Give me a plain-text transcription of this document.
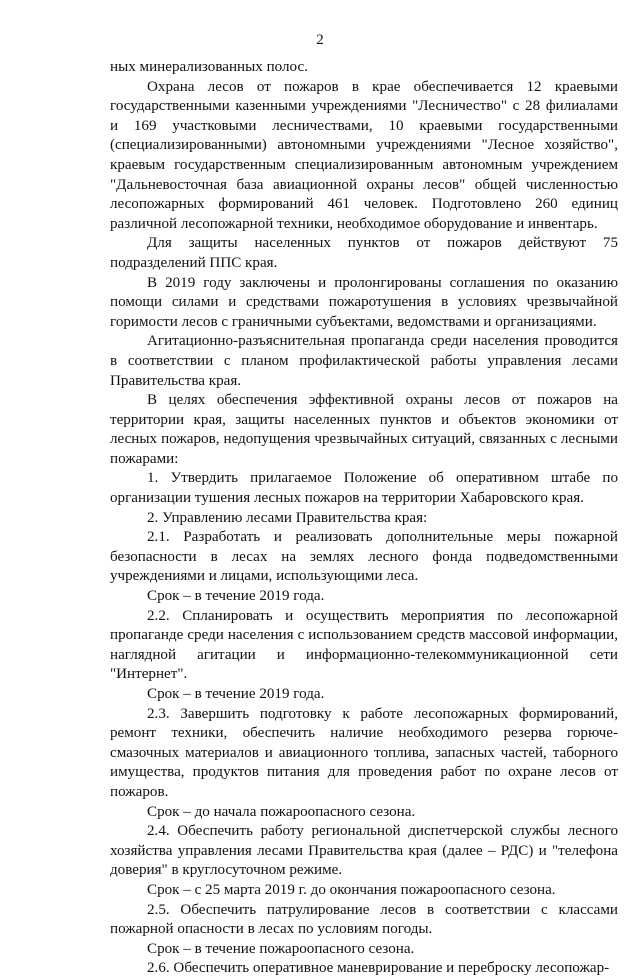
2

ных минерализованных полос.

Охрана лесов от пожаров в крае обеспечивается 12 краевыми государственными казенными учреждениями "Лесничество" с 28 филиалами и 169 участковыми лесничествами, 10 краевыми государственными (специализированными) автономными учреждениями "Лесное хозяйство", краевым государственным специализированным автономным учреждением "Дальневосточная база авиационной охраны лесов" общей численностью лесопожарных формирований 461 человек. Подготовлено 260 единиц различной лесопожарной техники, необходимое оборудование и инвентарь.

Для защиты населенных пунктов от пожаров действуют 75 подразделений ППС края.

В 2019 году заключены и пролонгированы соглашения по оказанию помощи силами и средствами пожаротушения в условиях чрезвычайной горимости лесов с граничными субъектами, ведомствами и организациями.

Агитационно-разъяснительная пропаганда среди населения проводится в соответствии с планом профилактической работы управления лесами Правительства края.

В целях обеспечения эффективной охраны лесов от пожаров на территории края, защиты населенных пунктов и объектов экономики от лесных пожаров, недопущения чрезвычайных ситуаций, связанных с лесными пожарами:

1. Утвердить прилагаемое Положение об оперативном штабе по организации тушения лесных пожаров на территории Хабаровского края.

2. Управлению лесами Правительства края:

2.1. Разработать и реализовать дополнительные меры пожарной безопасности в лесах на землях лесного фонда подведомственными учреждениями и лицами, использующими леса.

Срок – в течение 2019 года.

2.2. Спланировать и осуществить мероприятия по лесопожарной пропаганде среди населения с использованием средств массовой информации, наглядной агитации и информационно-телекоммуникационной сети "Интернет".

Срок – в течение 2019 года.

2.3. Завершить подготовку к работе лесопожарных формирований, ремонт техники, обеспечить наличие необходимого резерва горюче-смазочных материалов и авиационного топлива, запасных частей, таборного имущества, продуктов питания для проведения работ по охране лесов от пожаров.

Срок – до начала пожароопасного сезона.

2.4. Обеспечить работу региональной диспетчерской службы лесного хозяйства управления лесами Правительства края (далее – РДС) и "телефона доверия" в круглосуточном режиме.

Срок – с 25 марта 2019 г. до окончания пожароопасного сезона.

2.5. Обеспечить патрулирование лесов в соответствии с классами пожарной опасности в лесах по условиям погоды.

Срок – в течение пожароопасного сезона.

2.6. Обеспечить оперативное маневрирование и переброску лесопожар-
